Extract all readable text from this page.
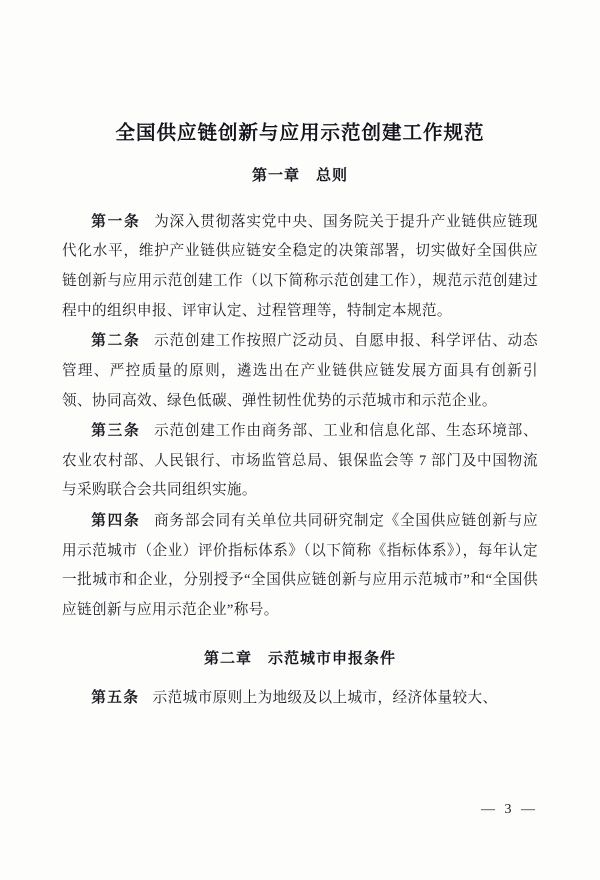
全国供应链创新与应用示范创建工作规范
第一章　总则

第一条 为深入贯彻落实党中央、国务院关于提升产业链供应链现代化水平，维护产业链供应链安全稳定的决策部署，切实做好全国供应链创新与应用示范创建工作（以下简称示范创建工作），规范示范创建过程中的组织申报、评审认定、过程管理等，特制定本规范。

第二条 示范创建工作按照广泛动员、自愿申报、科学评估、动态管理、严控质量的原则，遴选出在产业链供应链发展方面具有创新引领、协同高效、绿色低碳、弹性韧性优势的示范城市和示范企业。

第三条 示范创建工作由商务部、工业和信息化部、生态环境部、农业农村部、人民银行、市场监管总局、银保监会等 7 部门及中国物流与采购联合会共同组织实施。

第四条 商务部会同有关单位共同研究制定《全国供应链创新与应用示范城市（企业）评价指标体系》（以下简称《指标体系》），每年认定一批城市和企业，分别授予“全国供应链创新与应用示范城市”和“全国供应链创新与应用示范企业”称号。

第二章　示范城市申报条件

第五条 示范城市原则上为地级及以上城市，经济体量较大、

— 3 —
